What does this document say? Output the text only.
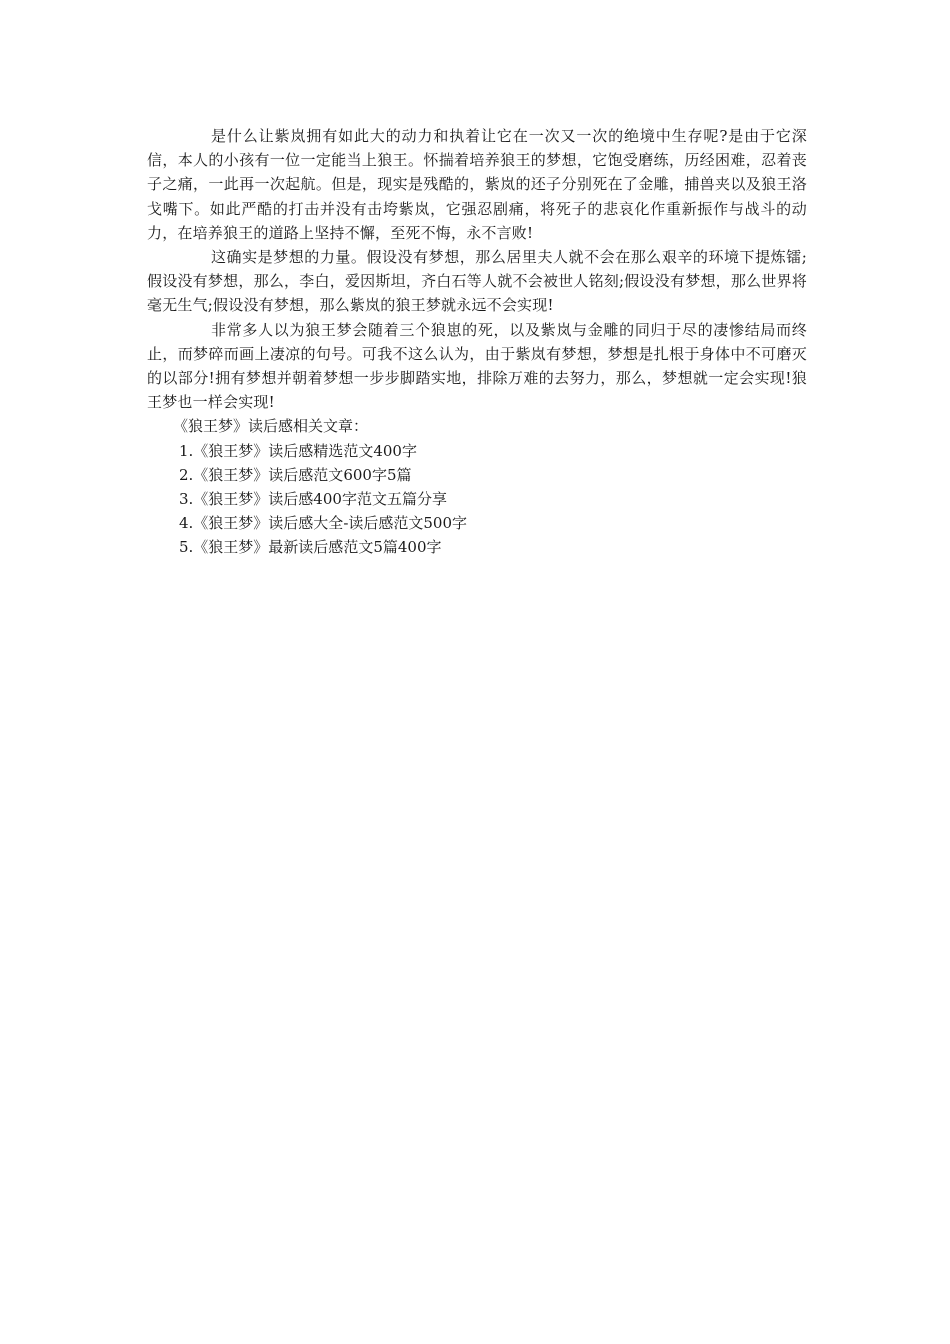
是什么让紫岚拥有如此大的动力和执着让它在一次又一次的绝境中生存呢?是由于它深信，本人的小孩有一位一定能当上狼王。怀揣着培养狼王的梦想，它饱受磨练，历经困难，忍着丧子之痛，一此再一次起航。但是，现实是残酷的，紫岚的还子分别死在了金雕，捕兽夹以及狼王洛戈嘴下。如此严酷的打击并没有击垮紫岚，它强忍剧痛，将死子的悲哀化作重新振作与战斗的动力，在培养狼王的道路上坚持不懈，至死不悔，永不言败!

这确实是梦想的力量。假设没有梦想，那么居里夫人就不会在那么艰辛的环境下提炼镭;假设没有梦想，那么，李白，爱因斯坦，齐白石等人就不会被世人铭刻;假设没有梦想，那么世界将毫无生气;假设没有梦想，那么紫岚的狼王梦就永远不会实现!

非常多人以为狼王梦会随着三个狼崽的死，以及紫岚与金雕的同归于尽的凄惨结局而终止，而梦碎而画上凄凉的句号。可我不这么认为，由于紫岚有梦想，梦想是扎根于身体中不可磨灭的以部分!拥有梦想并朝着梦想一步步脚踏实地，排除万难的去努力，那么，梦想就一定会实现!狼王梦也一样会实现!

《狼王梦》读后感相关文章：

1.《狼王梦》读后感精选范文400字
2.《狼王梦》读后感范文600字5篇
3.《狼王梦》读后感400字范文五篇分享
4.《狼王梦》读后感大全-读后感范文500字
5.《狼王梦》最新读后感范文5篇400字
